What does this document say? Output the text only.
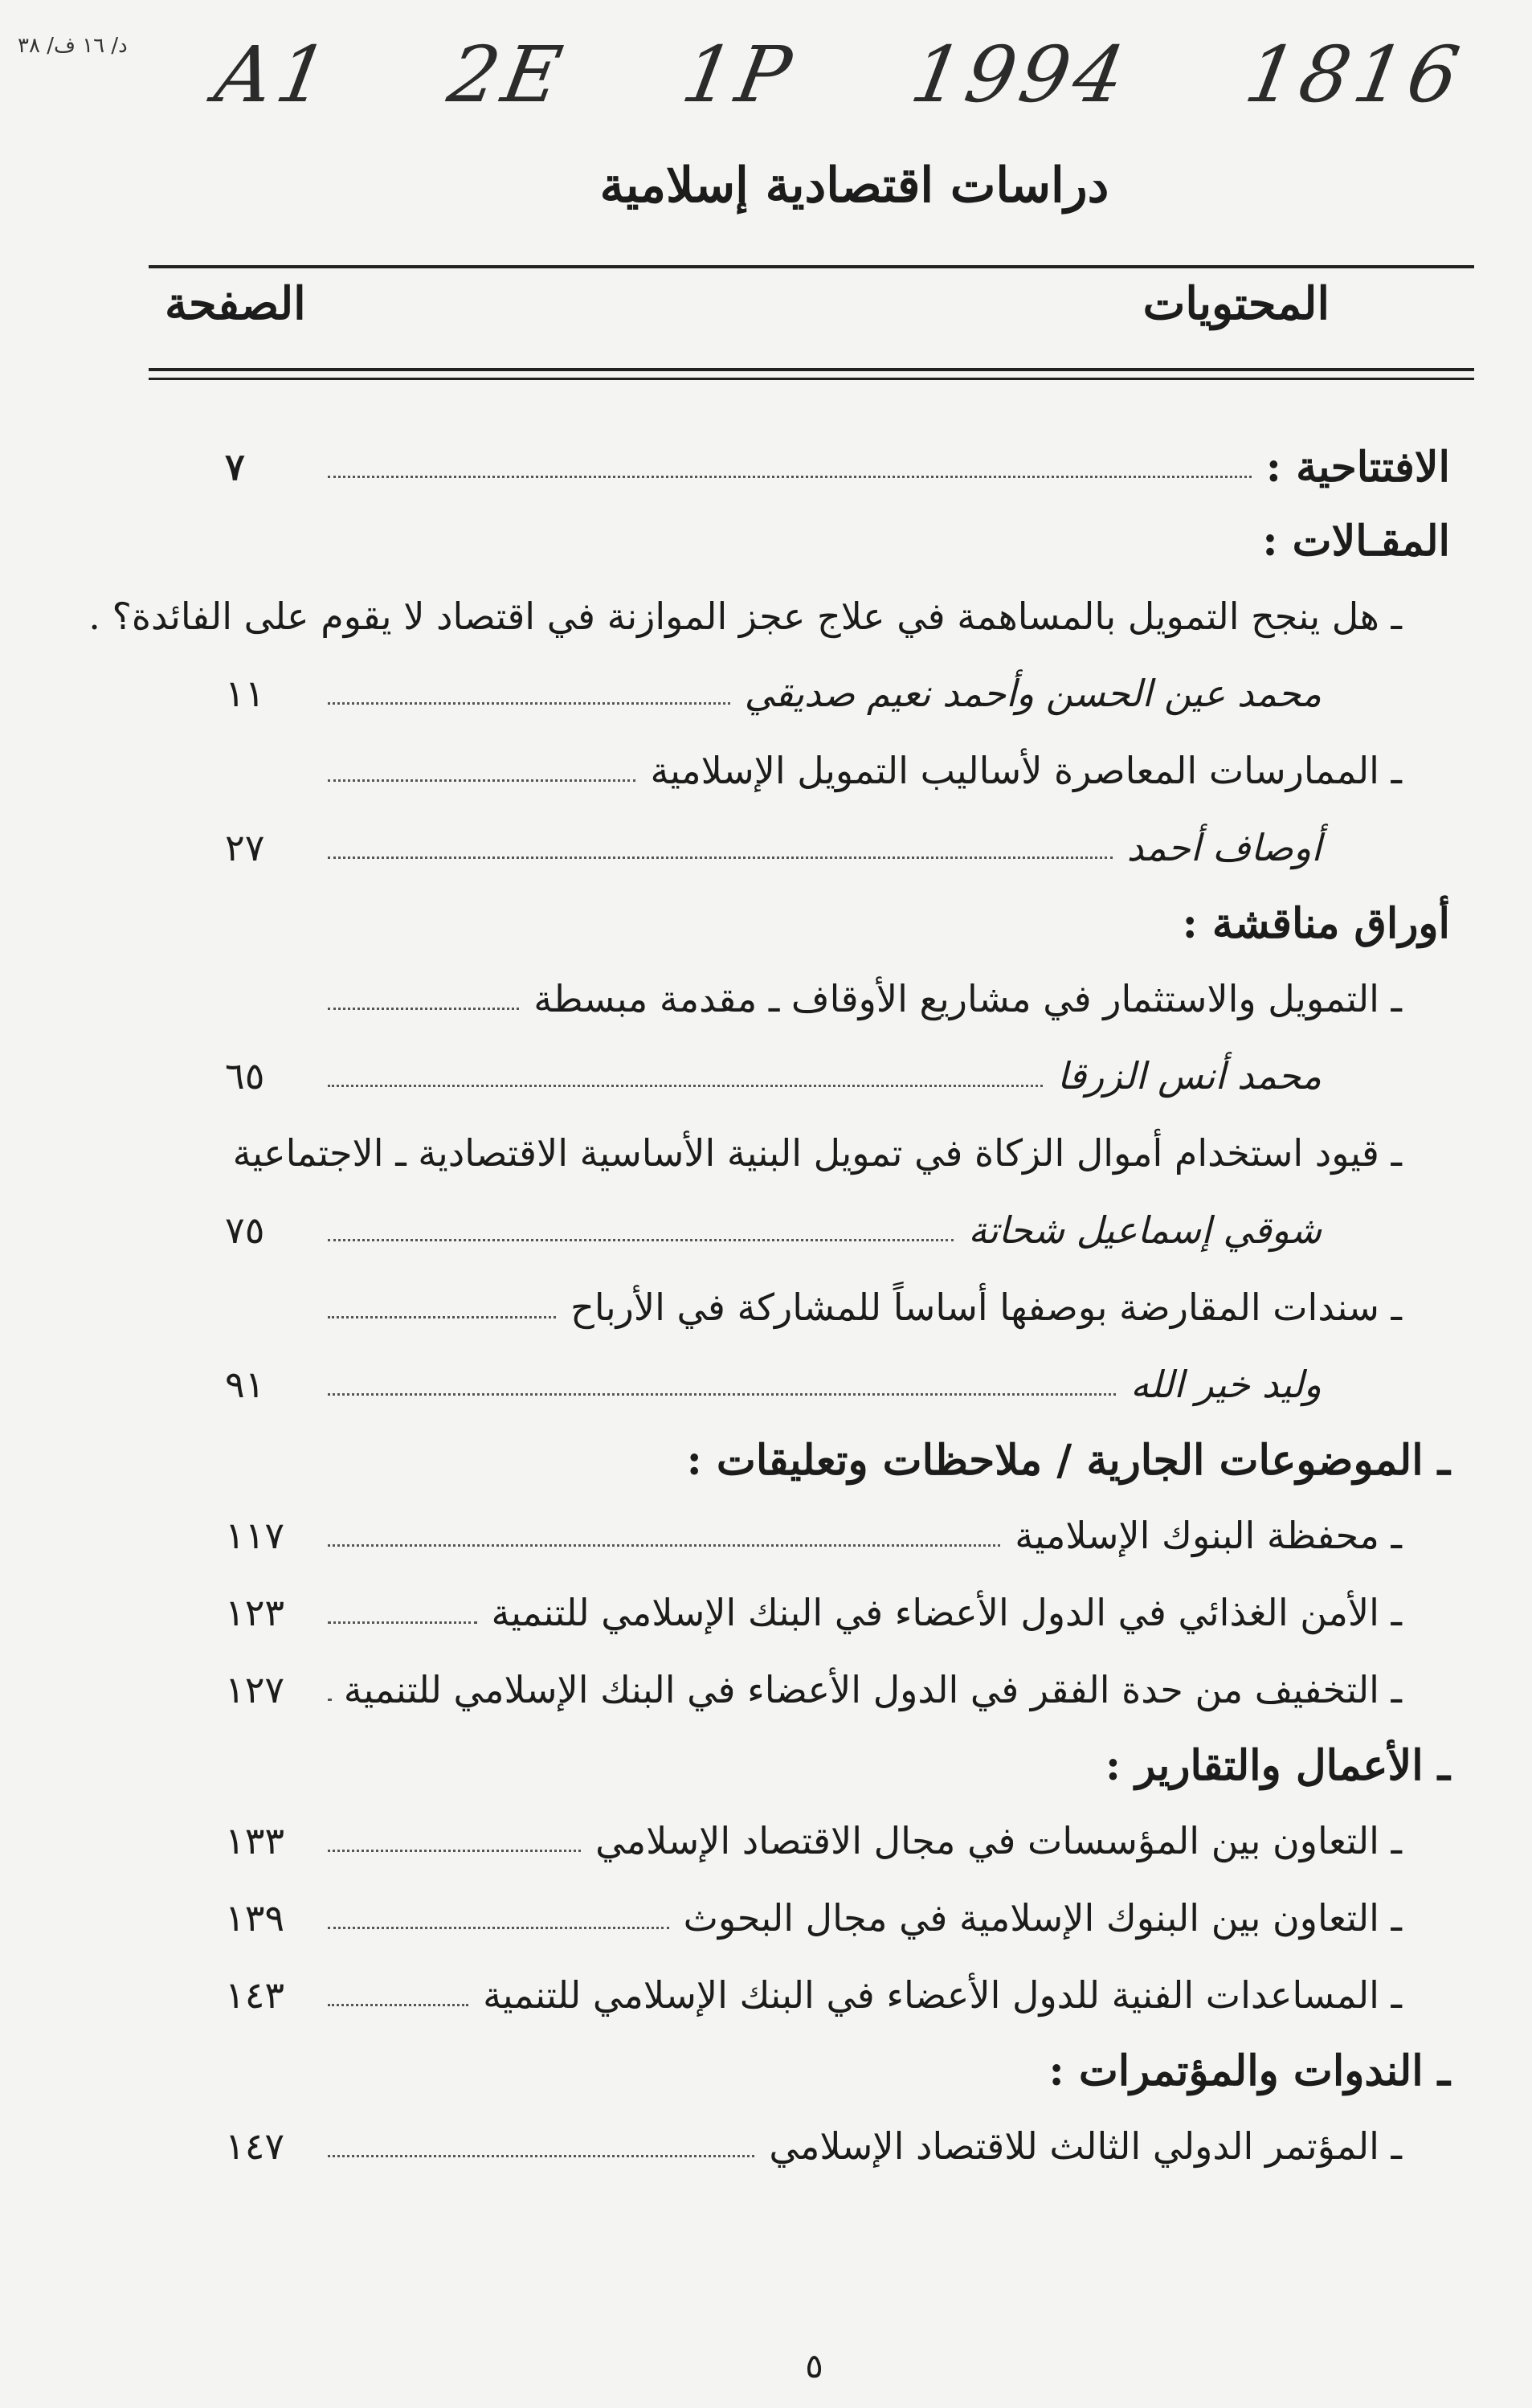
د/ ١٦ ف/ ٣٨ A1 2E 1P 1994 1816
دراسات اقتصادية إسلامية
المحتويات
الصفحة
الافتتاحية :
٧
المقـالات :
ـ هل ينجح التمويل بالمساهمة في علاج عجز الموازنة في اقتصاد لا يقوم على الفائدة؟ .
محمد عين الحسن وأحمد نعيم صديقي
١١
ـ الممارسات المعاصرة لأساليب التمويل الإسلامية
أوصاف أحمد
٢٧
أوراق مناقشة :
ـ التمويل والاستثمار في مشاريع الأوقاف ـ مقدمة مبسطة
محمد أنس الزرقا
٦٥
ـ قيود استخدام أموال الزكاة في تمويل البنية الأساسية الاقتصادية ـ الاجتماعية
شوقي إسماعيل شحاتة
٧٥
ـ سندات المقارضة بوصفها أساساً للمشاركة في الأرباح
وليد خير الله
٩١
ـ الموضوعات الجارية / ملاحظات وتعليقات :
ـ محفظة البنوك الإسلامية
١١٧
ـ الأمن الغذائي في الدول الأعضاء في البنك الإسلامي للتنمية
١٢٣
ـ التخفيف من حدة الفقر في الدول الأعضاء في البنك الإسلامي للتنمية
١٢٧
ـ الأعمال والتقارير :
ـ التعاون بين المؤسسات في مجال الاقتصاد الإسلامي
١٣٣
ـ التعاون بين البنوك الإسلامية في مجال البحوث
١٣٩
ـ المساعدات الفنية للدول الأعضاء في البنك الإسلامي للتنمية
١٤٣
ـ الندوات والمؤتمرات :
ـ المؤتمر الدولي الثالث للاقتصاد الإسلامي
١٤٧
٥
